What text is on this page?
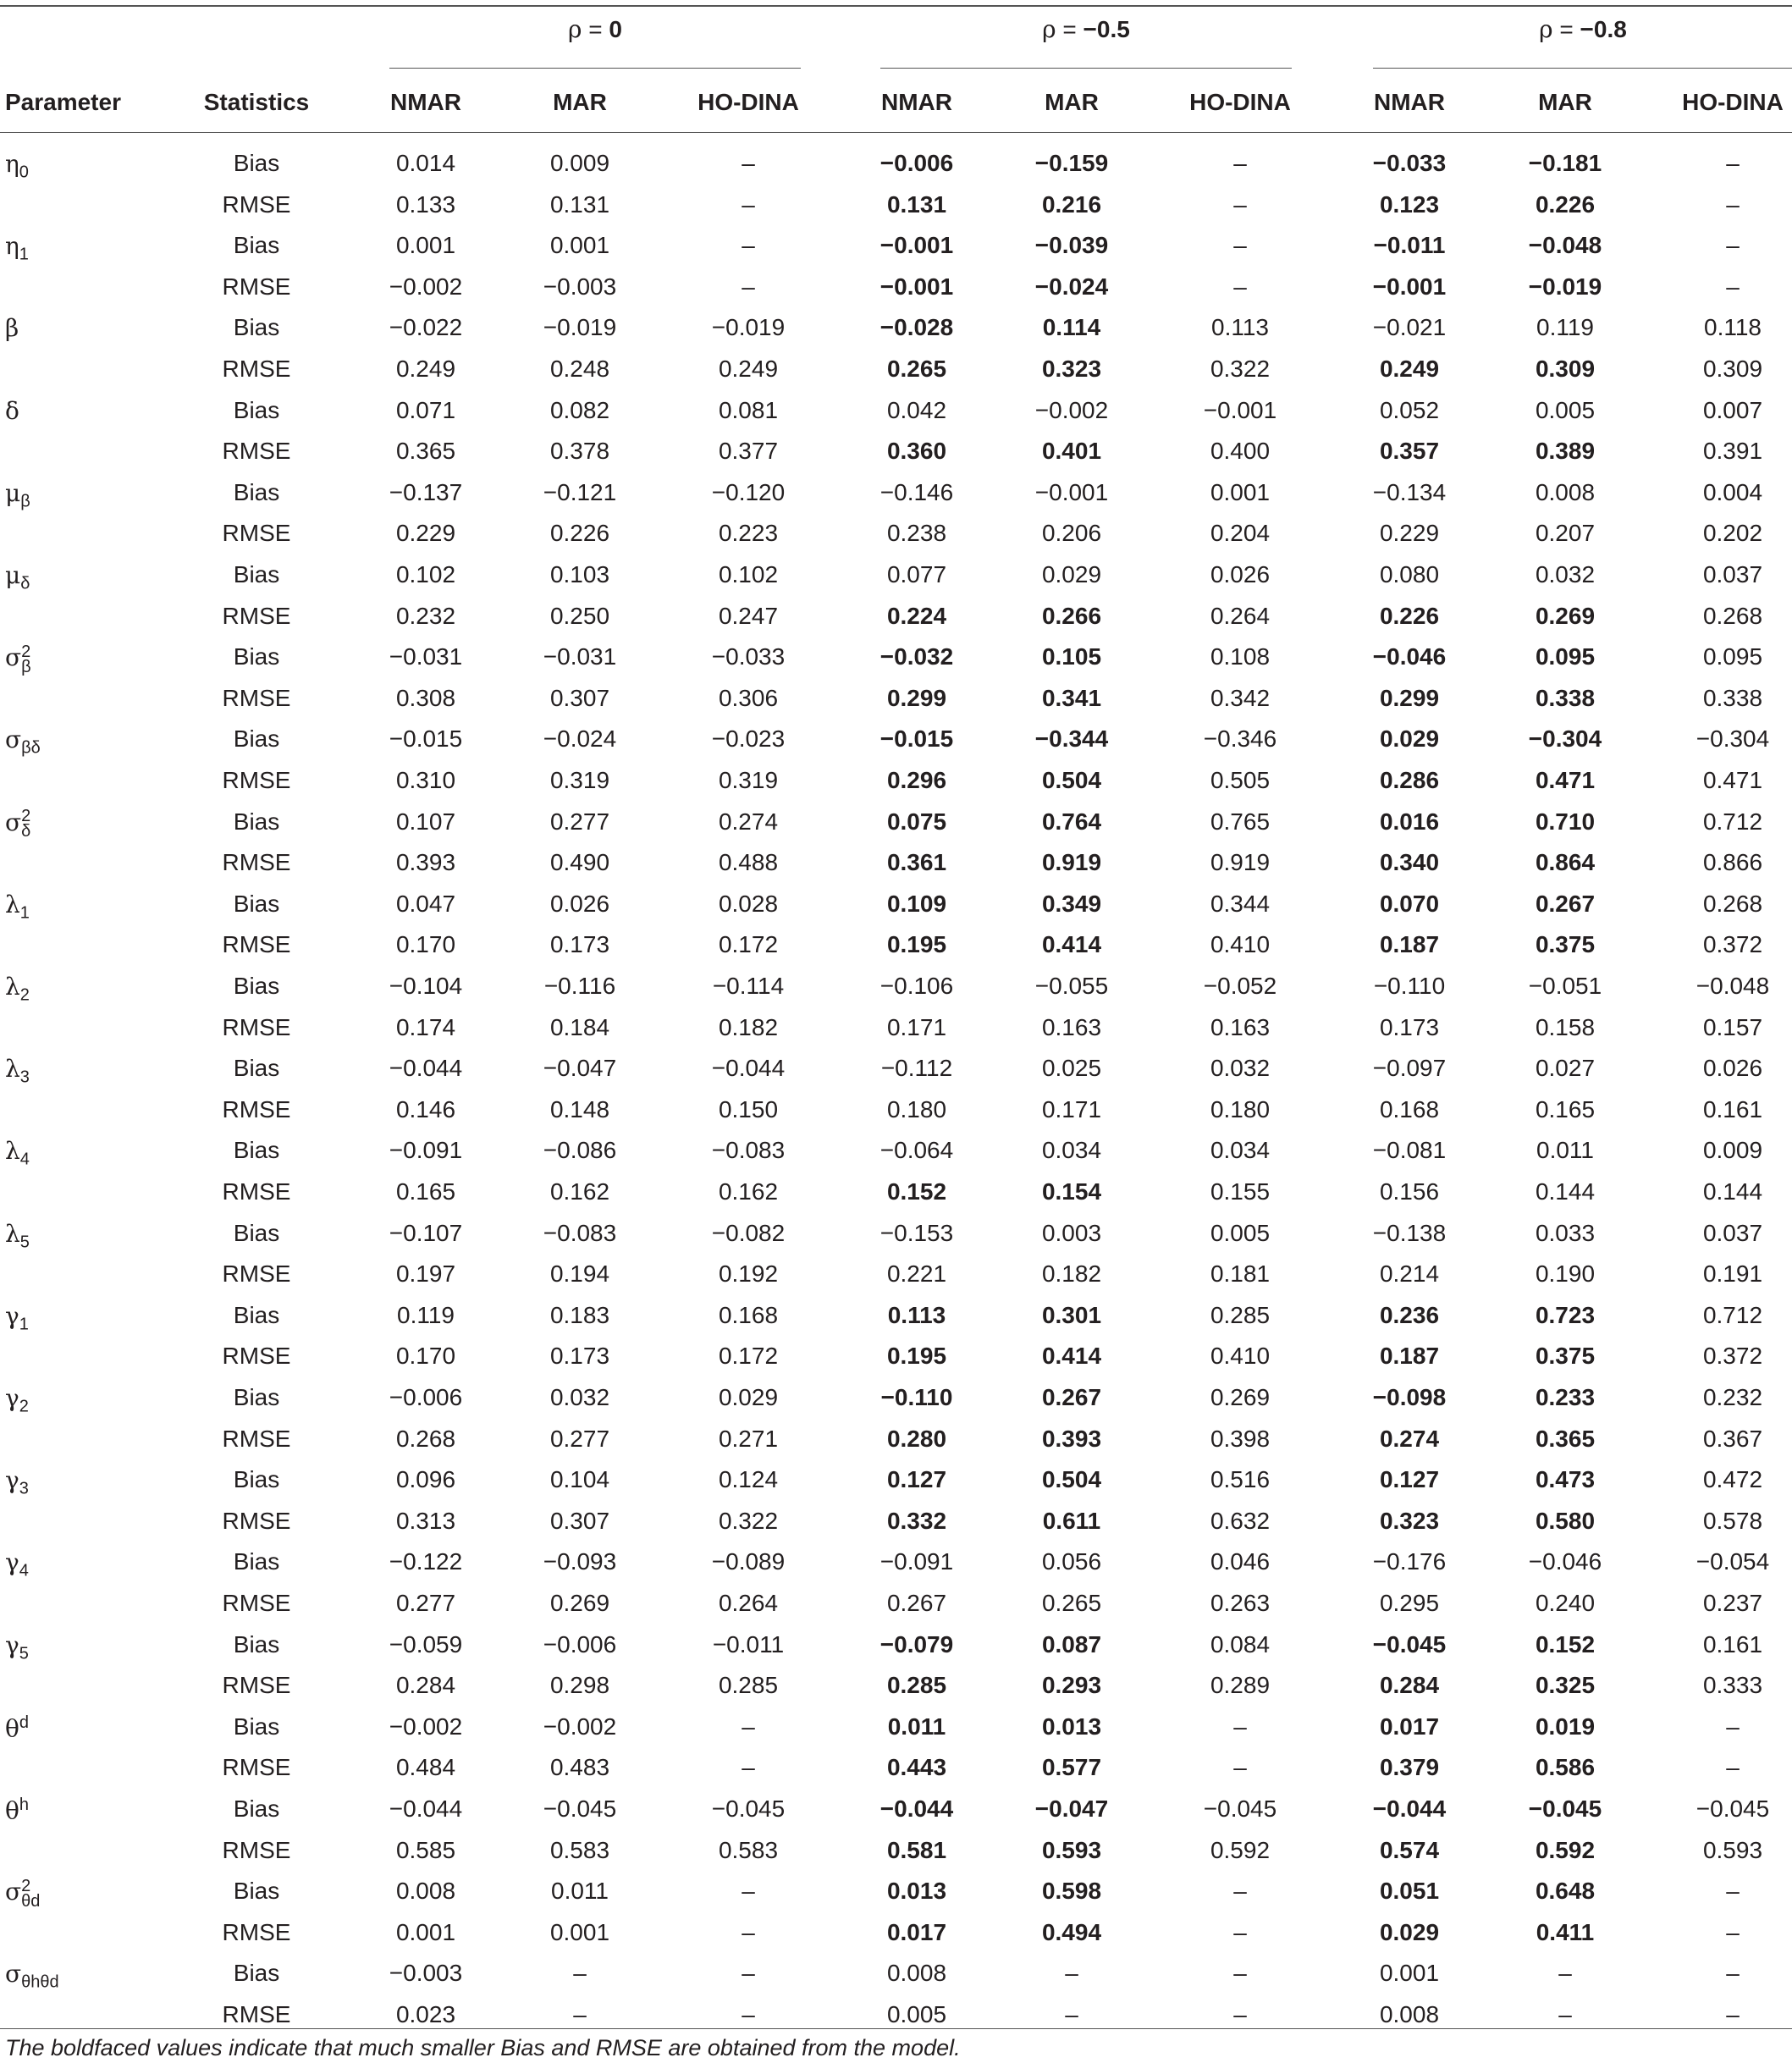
ρ = 0	ρ = −0.5	ρ = −0.8
Parameter	Statistics	NMAR	MAR	HO-DINA	NMAR	MAR	HO-DINA	NMAR	MAR	HO-DINA
$\eta_0$	Bias	0.014	0.009	–	−0.006	−0.159	–	−0.033	−0.181	–
RMSE	0.133	0.131	–	0.131	0.216	–	0.123	0.226	–
$\eta_1$	Bias	0.001	0.001	–	−0.001	−0.039	–	−0.011	−0.048	–
RMSE	−0.002	−0.003	–	−0.001	−0.024	–	−0.001	−0.019	–
β	Bias	−0.022	−0.019	−0.019	−0.028	0.114	0.113	−0.021	0.119	0.118
RMSE	0.249	0.248	0.249	0.265	0.323	0.322	0.249	0.309	0.309
δ	Bias	0.071	0.082	0.081	0.042	−0.002	−0.001	0.052	0.005	0.007
RMSE	0.365	0.378	0.377	0.360	0.401	0.400	0.357	0.389	0.391
$\mu_\beta$	Bias	−0.137	−0.121	−0.120	−0.146	−0.001	0.001	−0.134	0.008	0.004
RMSE	0.229	0.226	0.223	0.238	0.206	0.204	0.229	0.207	0.202
$\mu_\delta$	Bias	0.102	0.103	0.102	0.077	0.029	0.026	0.080	0.032	0.037
RMSE	0.232	0.250	0.247	0.224	0.266	0.264	0.226	0.269	0.268
σ 2
β	Bias	−0.031	−0.031	−0.033	−0.032	0.105	0.108	−0.046	0.095	0.095
RMSE	0.308	0.307	0.306	0.299	0.341	0.342	0.299	0.338	0.338
$\sigma_{\beta\delta}$	Bias	−0.015	−0.024	−0.023	−0.015	−0.344	−0.346	0.029	−0.304	−0.304
RMSE	0.310	0.319	0.319	0.296	0.504	0.505	0.286	0.471	0.471
σ 2
δ	Bias	0.107	0.277	0.274	0.075	0.764	0.765	0.016	0.710	0.712
RMSE	0.393	0.490	0.488	0.361	0.919	0.919	0.340	0.864	0.866
$\lambda_1$	Bias	0.047	0.026	0.028	0.109	0.349	0.344	0.070	0.267	0.268
RMSE	0.170	0.173	0.172	0.195	0.414	0.410	0.187	0.375	0.372
$\lambda_2$	Bias	−0.104	−0.116	−0.114	−0.106	−0.055	−0.052	−0.110	−0.051	−0.048
RMSE	0.174	0.184	0.182	0.171	0.163	0.163	0.173	0.158	0.157
$\lambda_3$	Bias	−0.044	−0.047	−0.044	−0.112	0.025	0.032	−0.097	0.027	0.026
RMSE	0.146	0.148	0.150	0.180	0.171	0.180	0.168	0.165	0.161
$\lambda_4$	Bias	−0.091	−0.086	−0.083	−0.064	0.034	0.034	−0.081	0.011	0.009
RMSE	0.165	0.162	0.162	0.152	0.154	0.155	0.156	0.144	0.144
$\lambda_5$	Bias	−0.107	−0.083	−0.082	−0.153	0.003	0.005	−0.138	0.033	0.037
RMSE	0.197	0.194	0.192	0.221	0.182	0.181	0.214	0.190	0.191
$\gamma_1$	Bias	0.119	0.183	0.168	0.113	0.301	0.285	0.236	0.723	0.712
RMSE	0.170	0.173	0.172	0.195	0.414	0.410	0.187	0.375	0.372
$\gamma_2$	Bias	−0.006	0.032	0.029	−0.110	0.267	0.269	−0.098	0.233	0.232
RMSE	0.268	0.277	0.271	0.280	0.393	0.398	0.274	0.365	0.367
$\gamma_3$	Bias	0.096	0.104	0.124	0.127	0.504	0.516	0.127	0.473	0.472
RMSE	0.313	0.307	0.322	0.332	0.611	0.632	0.323	0.580	0.578
$\gamma_4$	Bias	−0.122	−0.093	−0.089	−0.091	0.056	0.046	−0.176	−0.046	−0.054
RMSE	0.277	0.269	0.264	0.267	0.265	0.263	0.295	0.240	0.237
$\gamma_5$	Bias	−0.059	−0.006	−0.011	−0.079	0.087	0.084	−0.045	0.152	0.161
RMSE	0.284	0.298	0.285	0.285	0.293	0.289	0.284	0.325	0.333
$\theta^d$	Bias	−0.002	−0.002	–	0.011	0.013	–	0.017	0.019	–
RMSE	0.484	0.483	–	0.443	0.577	–	0.379	0.586	–
$\theta^h$	Bias	−0.044	−0.045	−0.045	−0.044	−0.047	−0.045	−0.044	−0.045	−0.045
RMSE	0.585	0.583	0.583	0.581	0.593	0.592	0.574	0.592	0.593
σ 2
θd	Bias	0.008	0.011	–	0.013	0.598	–	0.051	0.648	–
RMSE	0.001	0.001	–	0.017	0.494	–	0.029	0.411	–
$\sigma_{\theta h\theta d}$	Bias	−0.003	–	–	0.008	–	–	0.001	–	–
RMSE	0.023	–	–	0.005	–	–	0.008	–	–
The boldfaced values indicate that much smaller Bias and RMSE are obtained from the model.
